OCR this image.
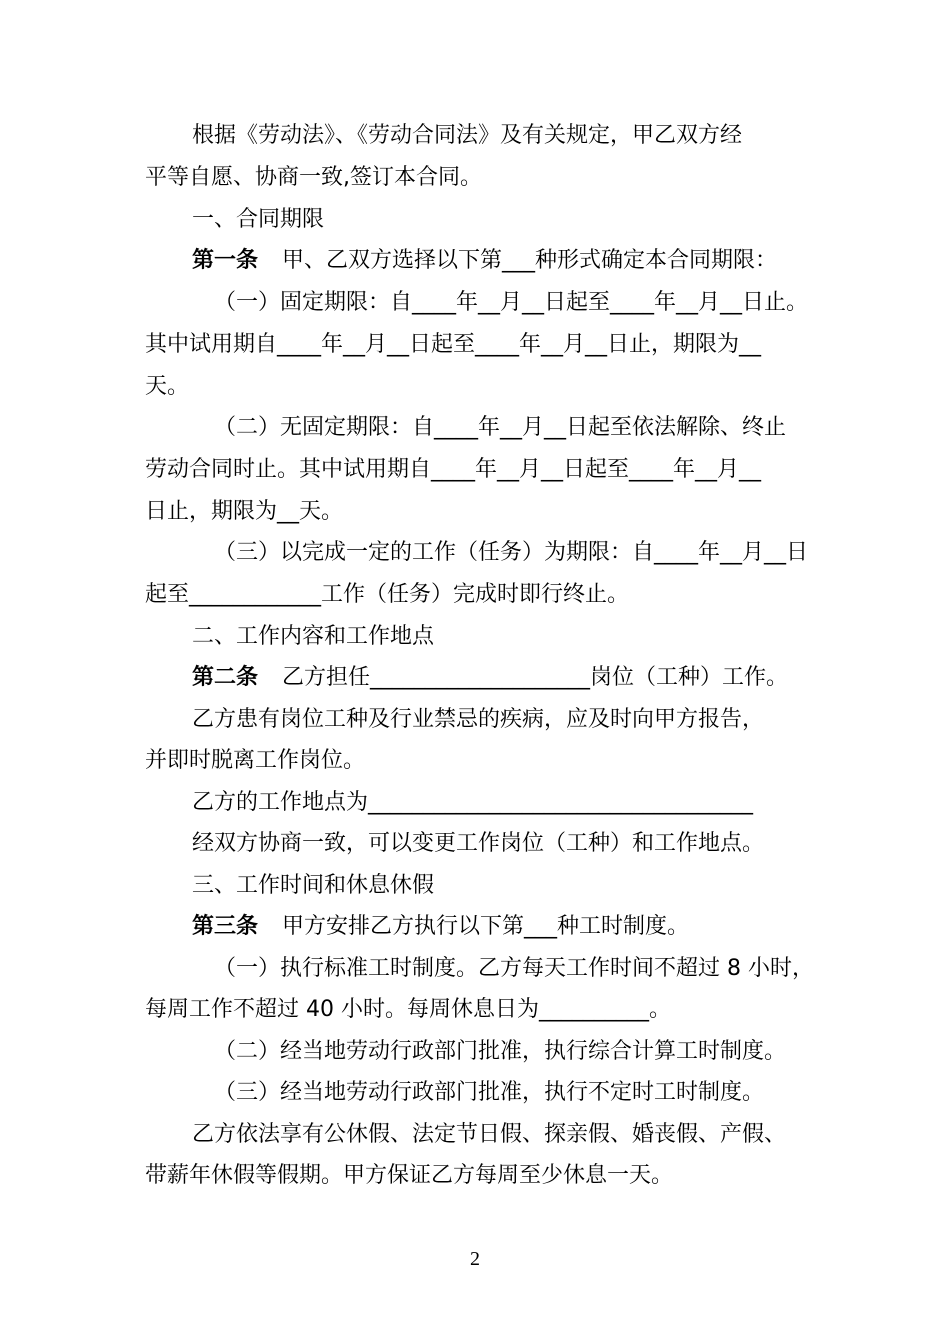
根据《劳动法》、《劳动合同法》及有关规定，甲乙双方经
平等自愿、协商一致,签订本合同。
一、合同期限
第一条 甲、乙双方选择以下第___种形式确定本合同期限：
（一）固定期限：自____年__月__日起至____年__月__日止。
其中试用期自____年__月__日起至____年__月__日止，期限为__
天。
（二）无固定期限：自____年__月__日起至依法解除、终止
劳动合同时止。其中试用期自____年__月__日起至____年__月__
日止，期限为__天。
（三）以完成一定的工作（任务）为期限：自____年__月__日
起至____________工作（任务）完成时即行终止。
二、工作内容和工作地点
第二条 乙方担任____________________岗位（工种）工作。
乙方患有岗位工种及行业禁忌的疾病，应及时向甲方报告，
并即时脱离工作岗位。
乙方的工作地点为___________________________________
经双方协商一致，可以变更工作岗位（工种）和工作地点。
三、工作时间和休息休假
第三条 甲方安排乙方执行以下第___种工时制度。
（一）执行标准工时制度。乙方每天工作时间不超过 8 小时，
每周工作不超过 40 小时。每周休息日为__________。
（二）经当地劳动行政部门批准，执行综合计算工时制度。
（三）经当地劳动行政部门批准，执行不定时工时制度。
乙方依法享有公休假、法定节日假、探亲假、婚丧假、产假、
带薪年休假等假期。甲方保证乙方每周至少休息一天。
2
